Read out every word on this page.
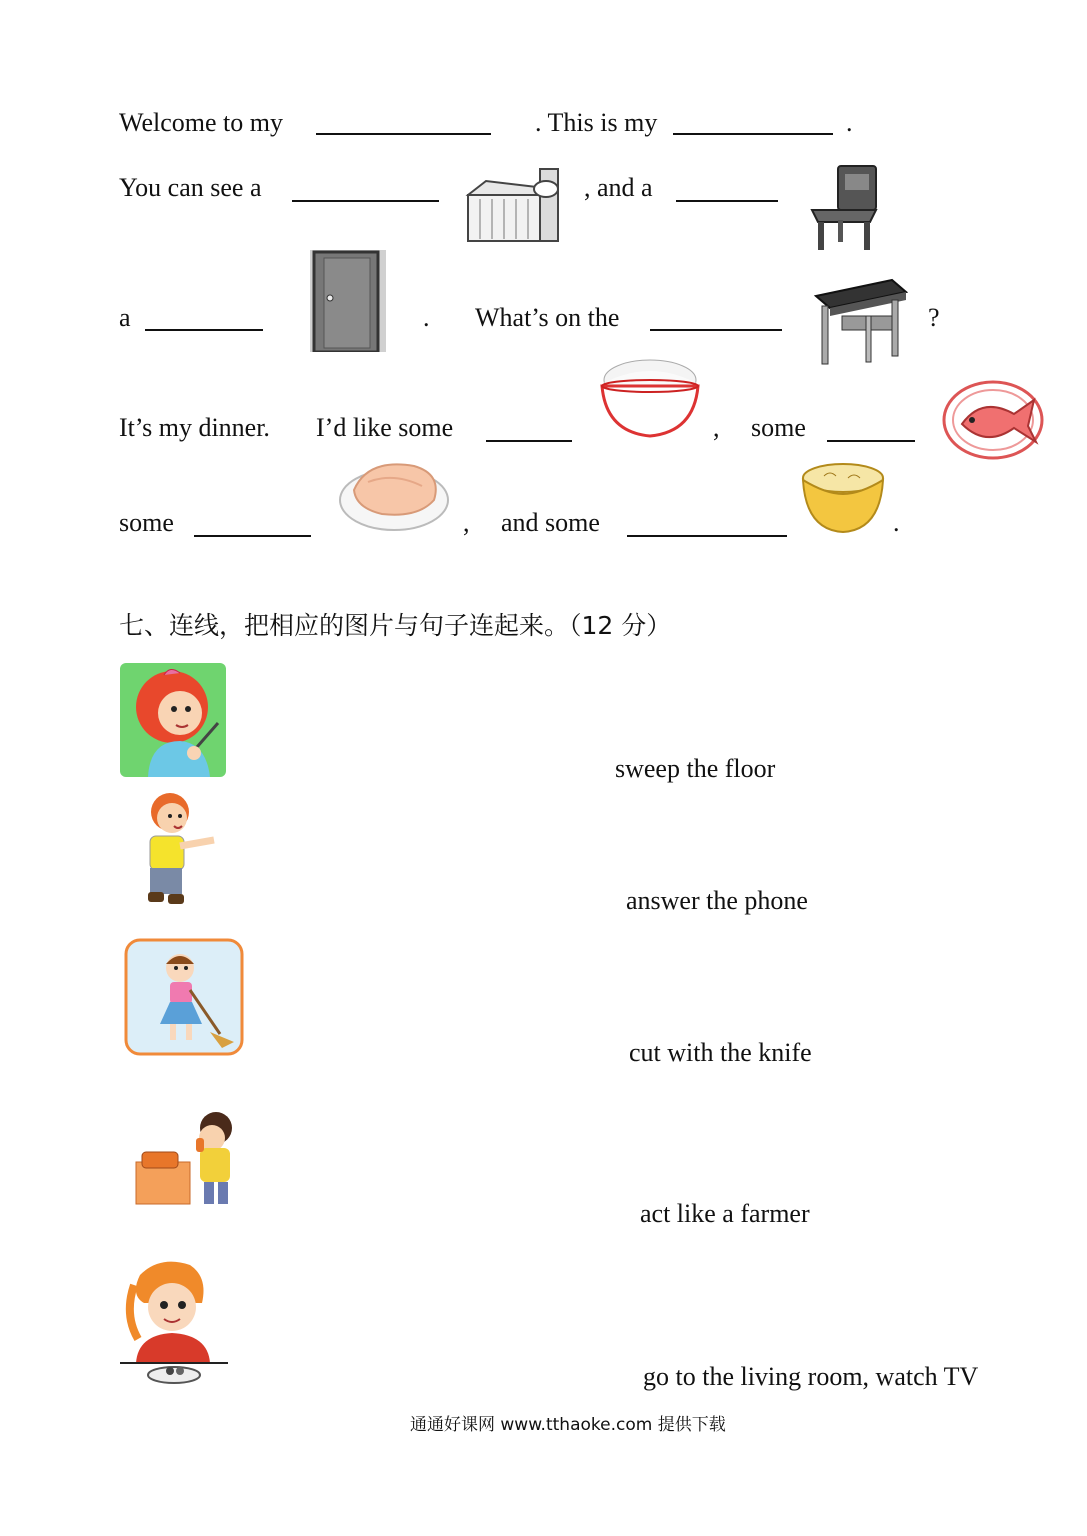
Welcome to my	. This is my	.
You can see a	, and a
a	. What’s on the	?
It’s my dinner. I’d like some	, some
some	, and some	.
七、连线，把相应的图片与句子连起来。（12 分）
sweep the floor
answer the phone
cut with the knife
act like a farmer
go to the living room, watch TV
通通好课网 www.tthaoke.com 提供下载
